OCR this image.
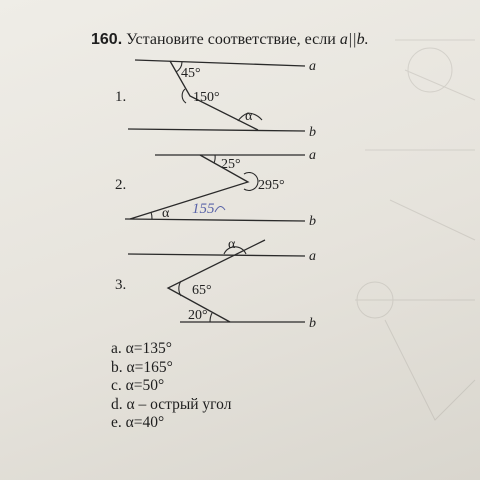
160. Установите соответствие, если a||b.
1.
45°
150°
α
a
b
2.
25°
295°
α 155
a
b
3.
α
65°
20°
a
b
a. α=135°
b. α=165°
c. α=50°
d. α – острый угол
e. α=40°
